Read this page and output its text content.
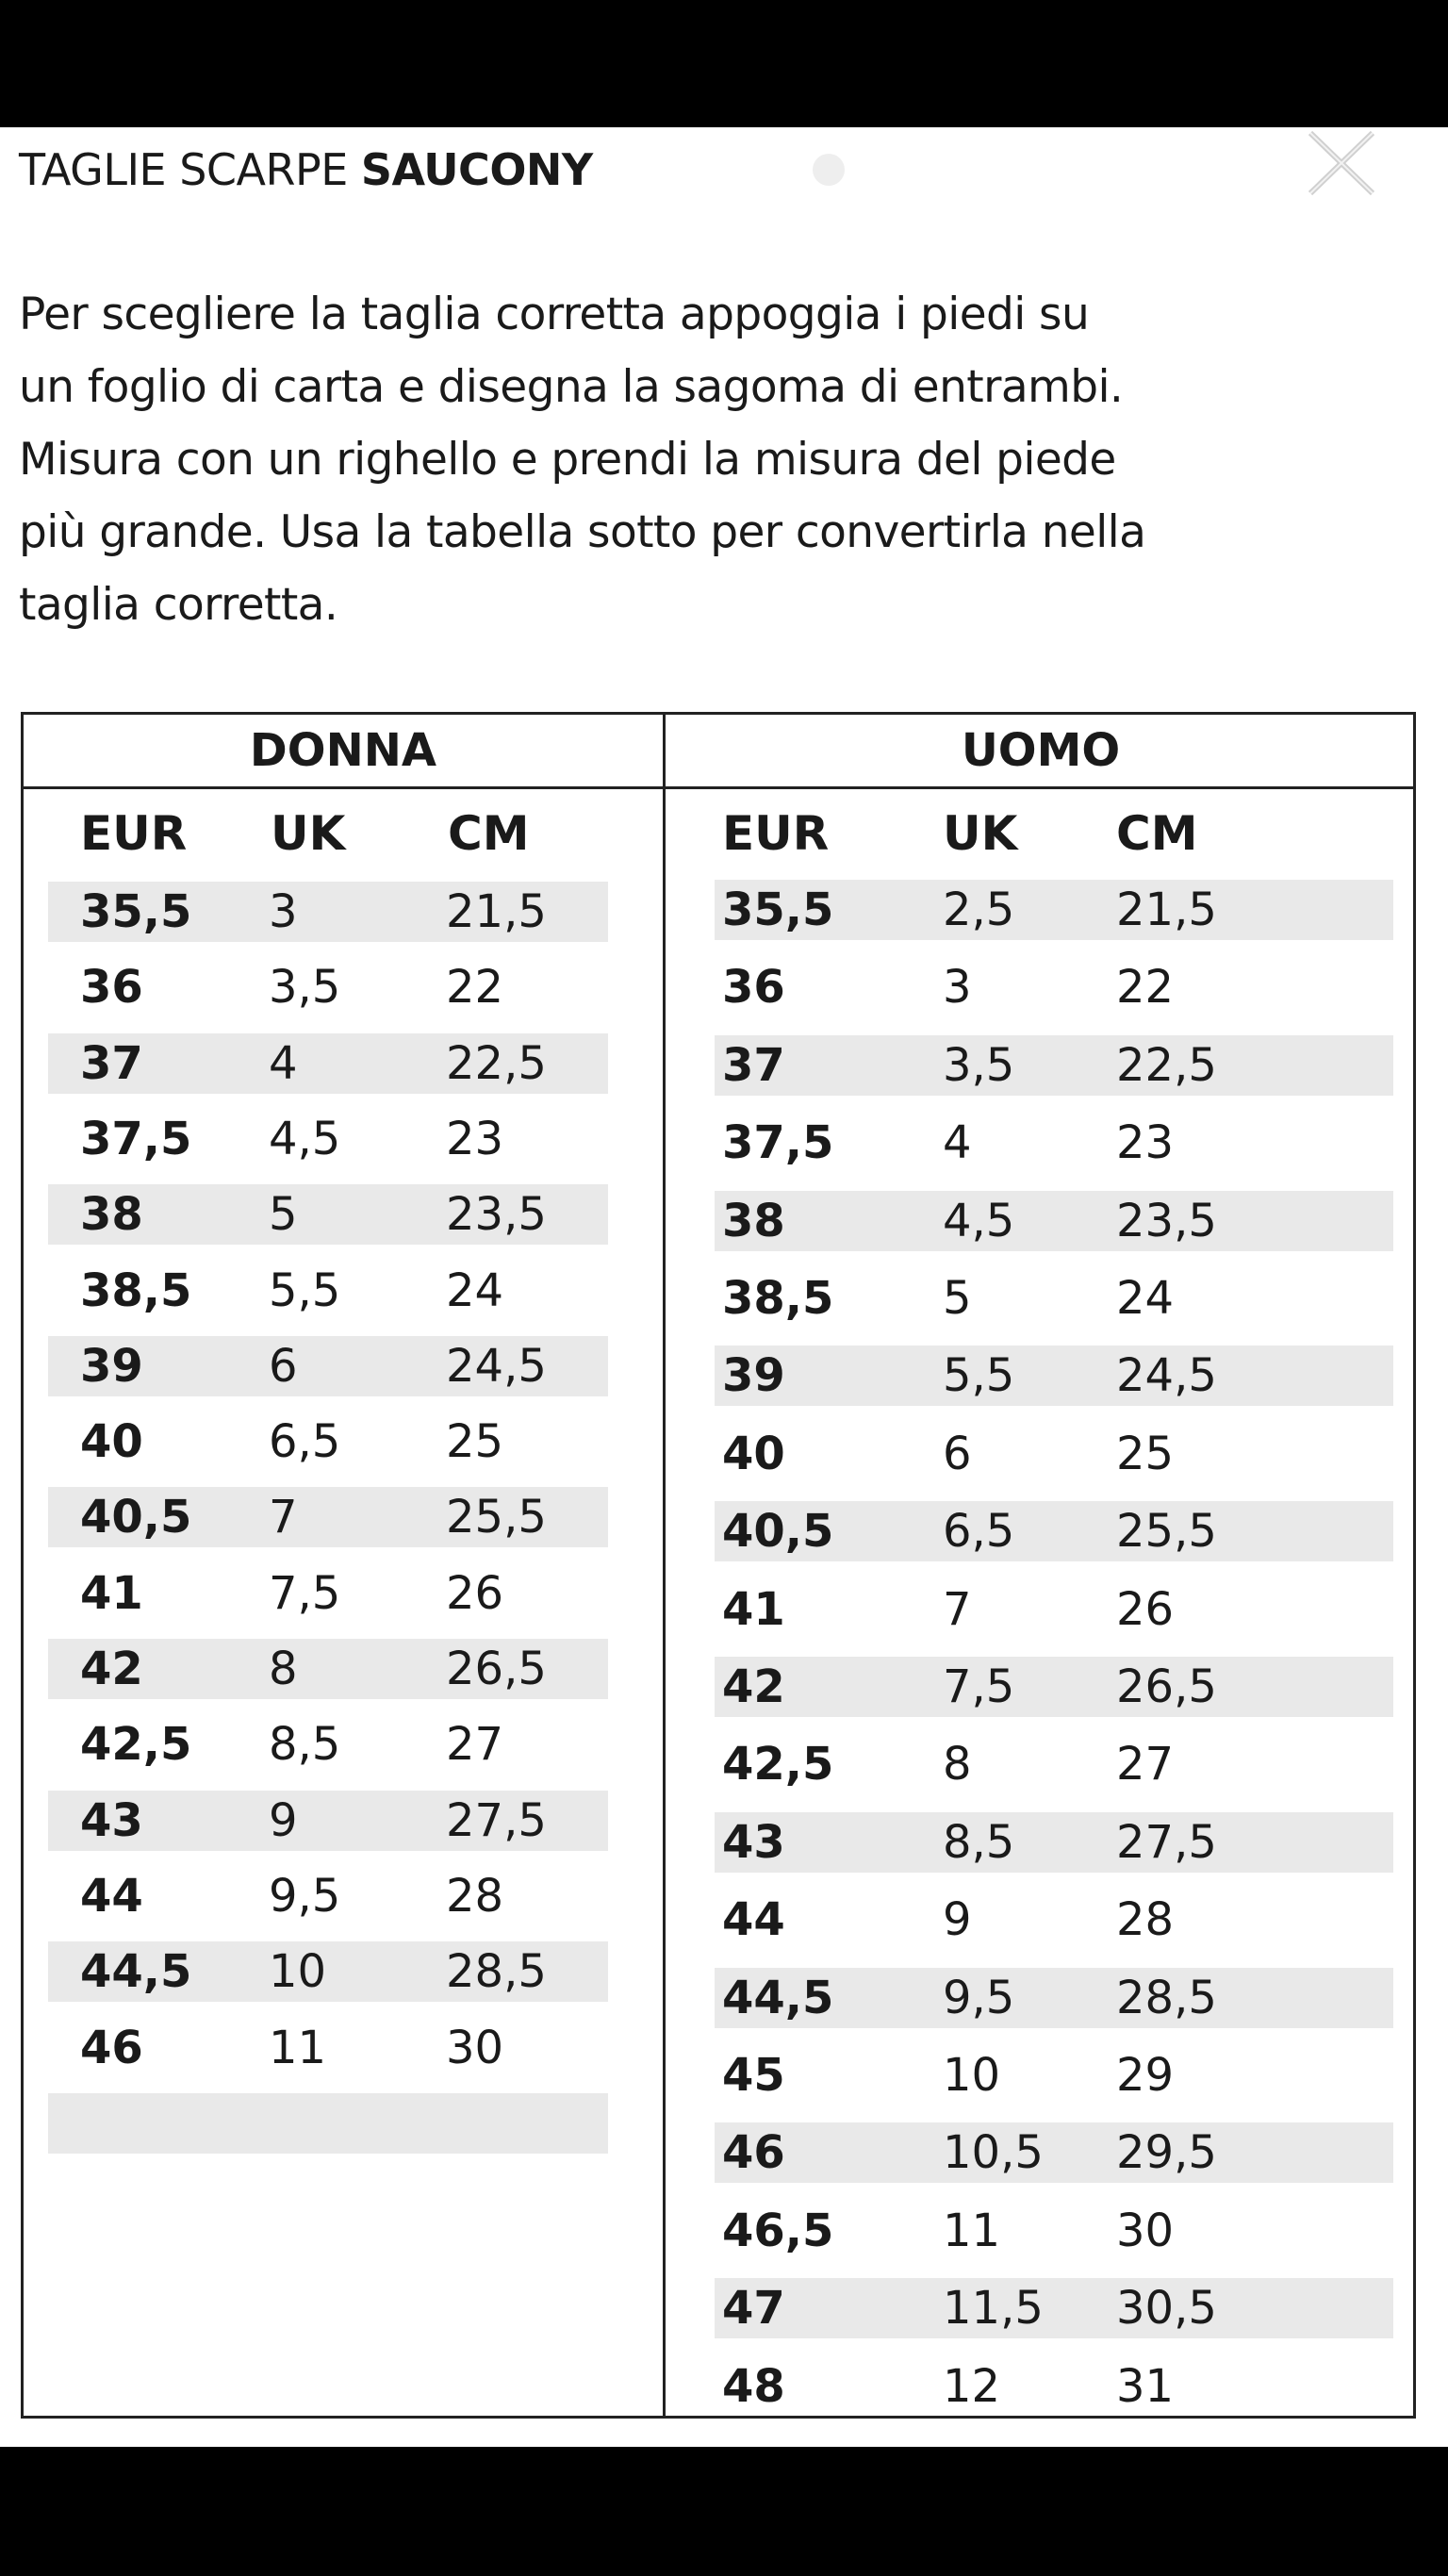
TAGLIE SCARPE SAUCONY
Per scegliere la taglia corretta appoggia i piedi su
un foglio di carta e disegna la sagoma di entrambi.
Misura con un righello e prendi la misura del piede
più grande. Usa la tabella sotto per convertirla nella
taglia corretta.
DONNA	UOMO
EUR UK CM	EUR UK CM
35,5 3	21,5
36	3,5 22
37	4	22,5
37,5 4,5 23
38	5	23,5
38,5 5,5 24
39	6	24,5
40	6,5 25
40,5 7	25,5
41	7,5 26
42	8	26,5
42,5 8,5 27
43	9	27,5
44	9,5 28
44,5 10	28,5
46	11	30
35,5 2,5 21,5
36	3	22
37	3,5 22,5
37,5 4	23
38	4,5 23,5
38,5 5	24
39	5,5 24,5
40	6	25
40,5 6,5 25,5
41	7	26
42	7,5 26,5
42,5 8	27
43	8,5 27,5
44	9	28
44,5 9,5 28,5
45	10	29
46	10,5 29,5
46,5 11	30
47	11,5 30,5
48	12	31
